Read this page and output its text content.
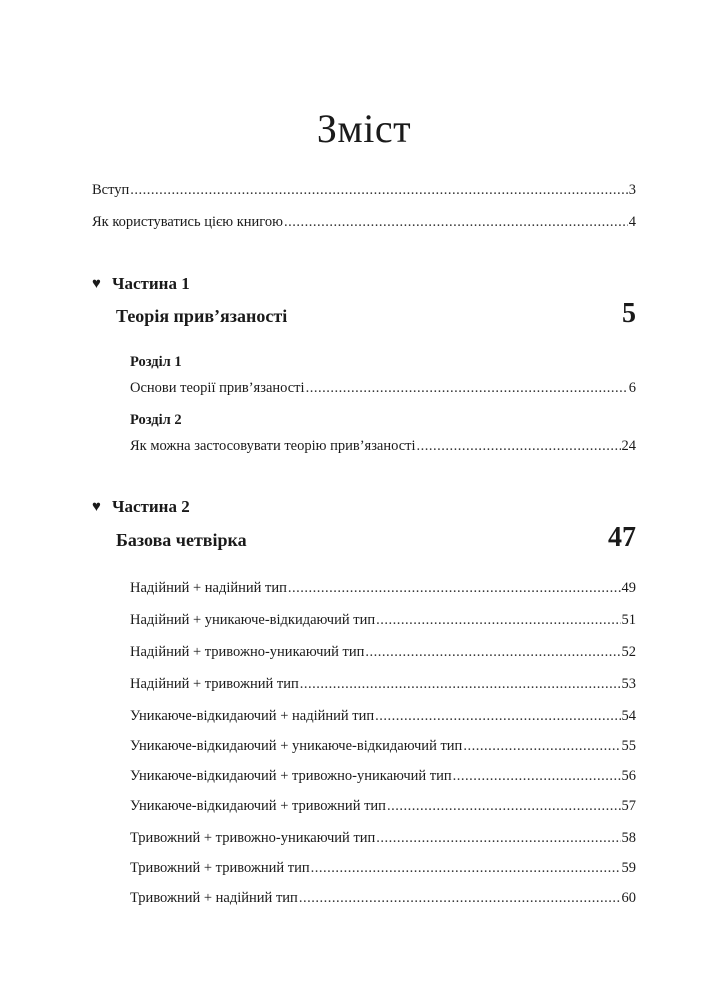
Зміст
Вступ .....	3
Як користуватись цією книгою .....	4
♥ Частина 1
Теорія прив’язаності	5
Розділ 1
Основи теорії прив’язаності .....	6
Розділ 2
Як можна застосовувати теорію прив’язаності .....	24
♥ Частина 2
Базова четвірка	47
Надійний + надійний тип .....	49
Надійний + уникаюче-відкидаючий тип .....	51
Надійний + тривожно-уникаючий тип .....	52
Надійний + тривожний тип .....	53
Уникаюче-відкидаючий + надійний тип .....	54
Уникаюче-відкидаючий + уникаюче-відкидаючий тип .....	55
Уникаюче-відкидаючий + тривожно-уникаючий тип .....	56
Уникаюче-відкидаючий + тривожний тип .....	57
Тривожний + тривожно-уникаючий тип .....	58
Тривожний + тривожний тип .....	59
Тривожний + надійний тип .....	60
